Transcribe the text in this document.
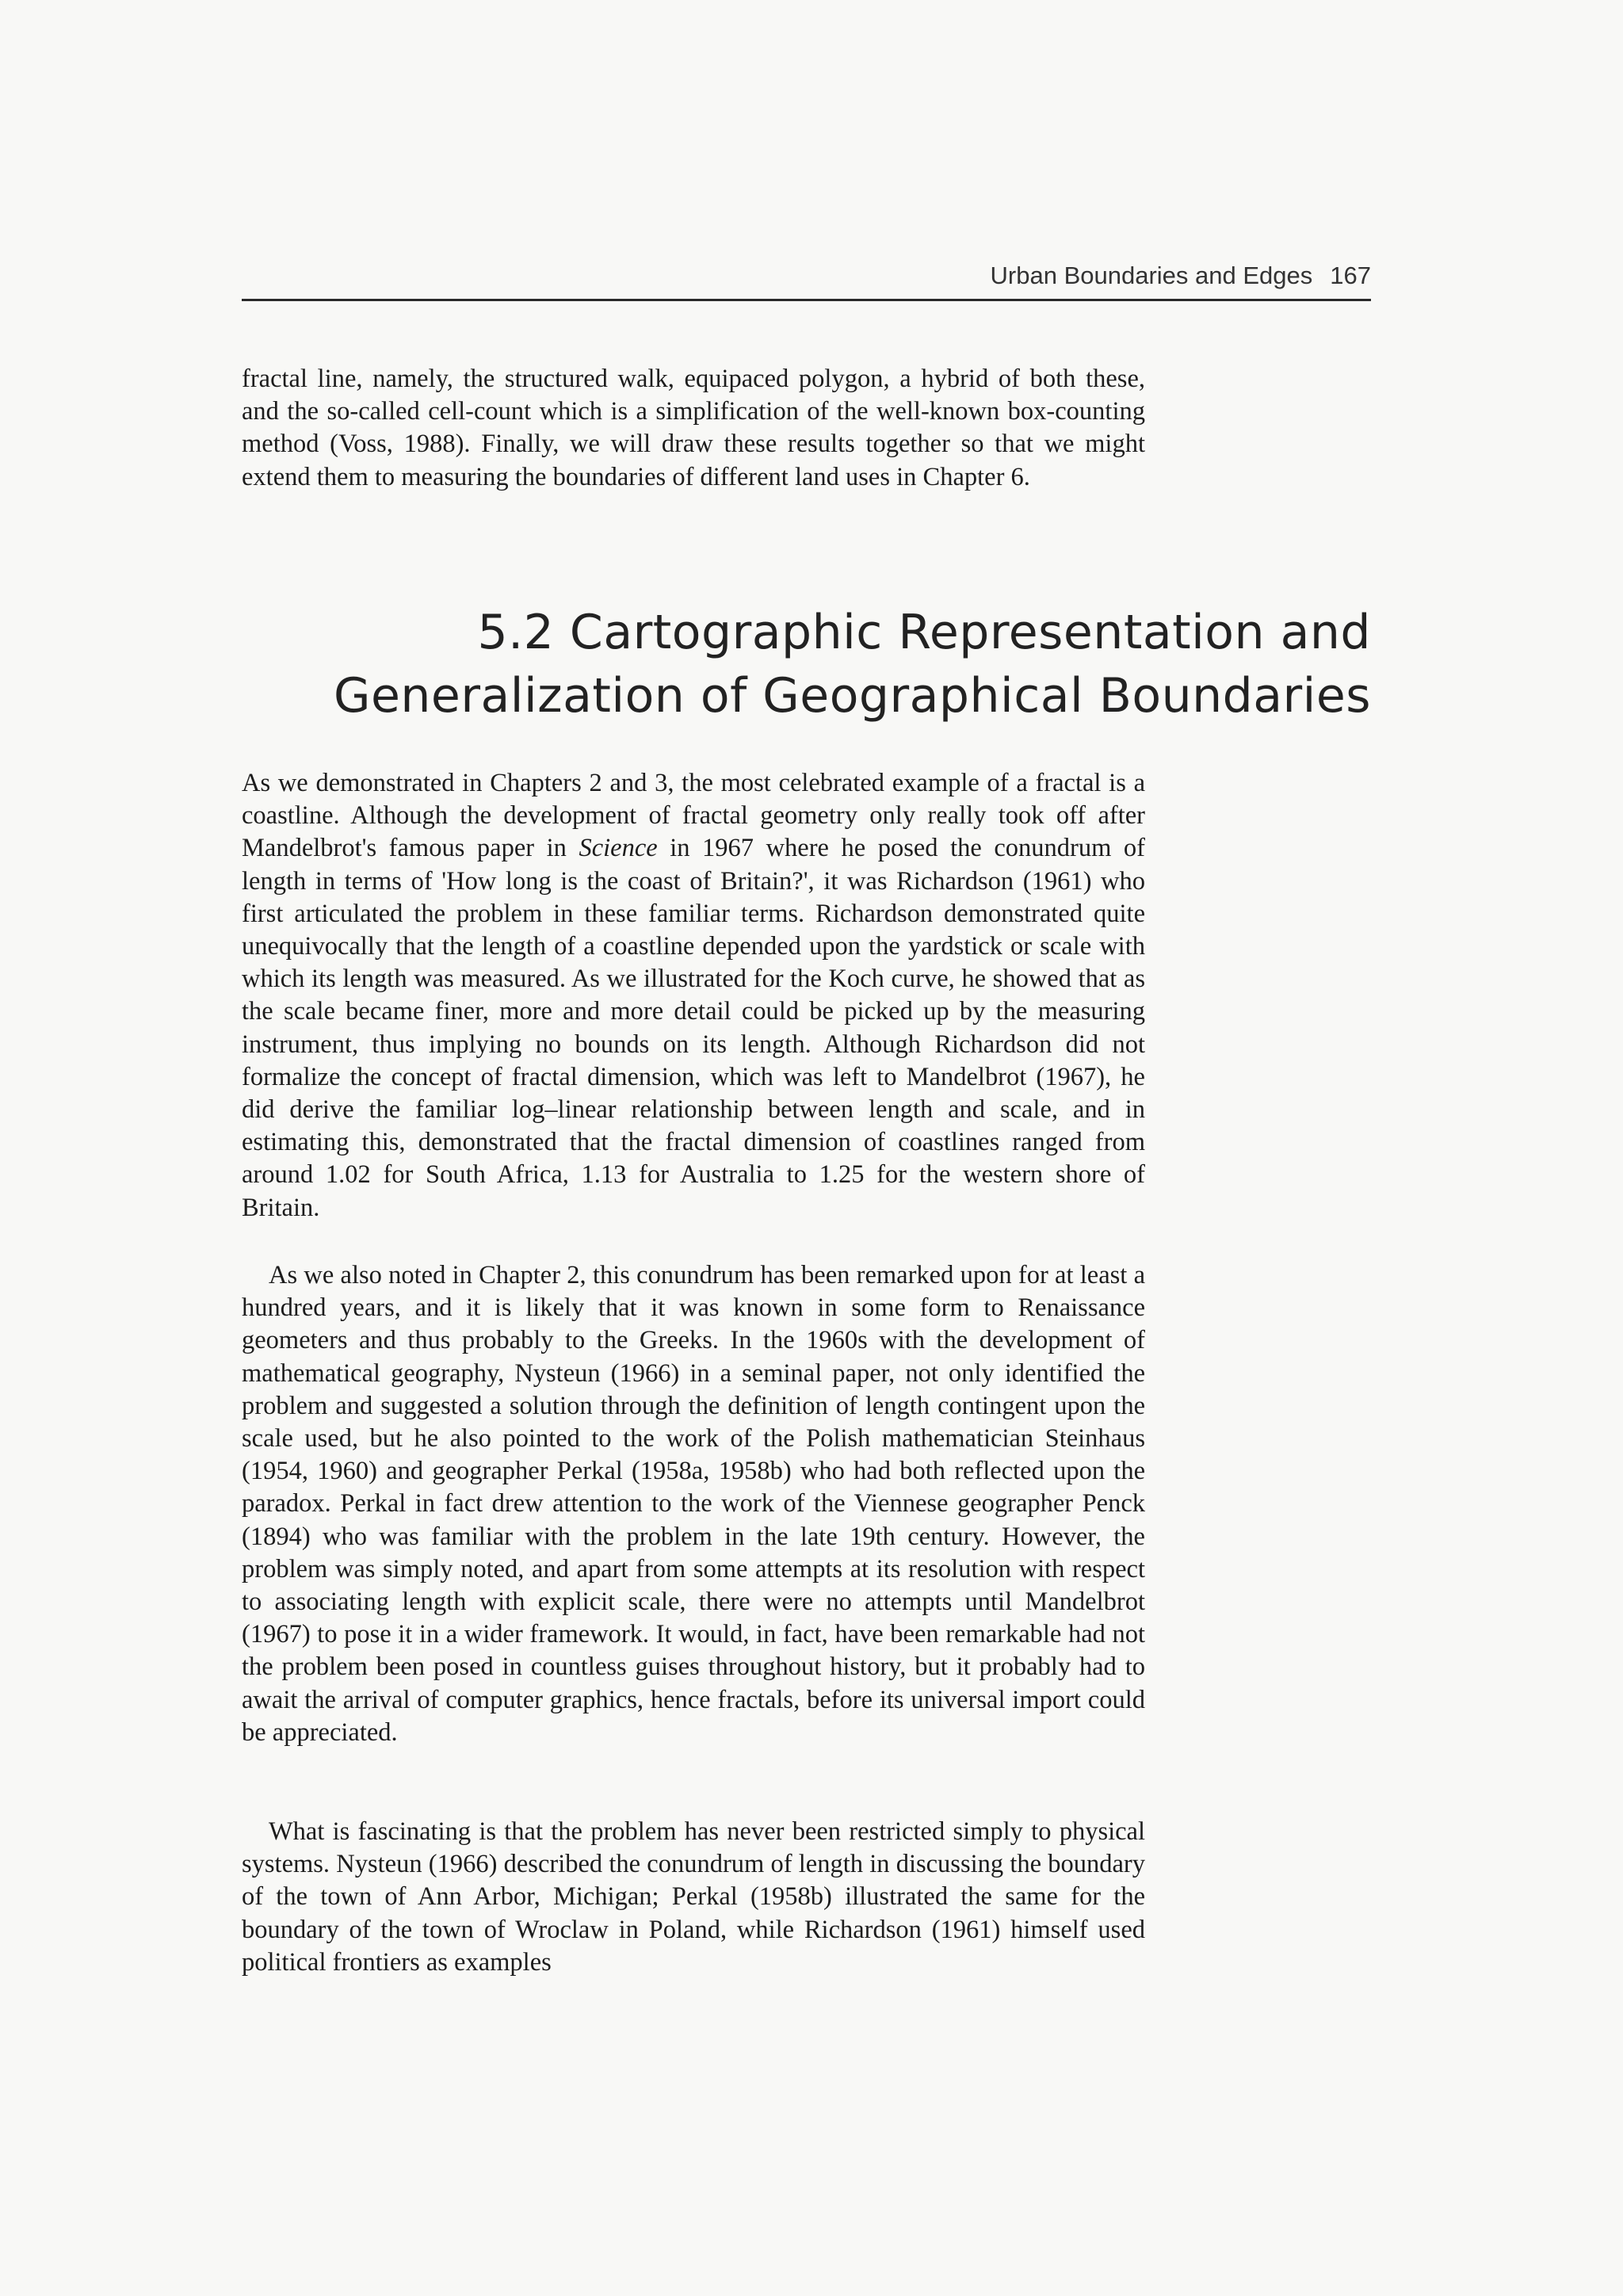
Urban Boundaries and Edges 167

fractal line, namely, the structured walk, equipaced polygon, a hybrid of both these, and the so-called cell-count which is a simplification of the well-known box-counting method (Voss, 1988). Finally, we will draw these results together so that we might extend them to measuring the boundaries of different land uses in Chapter 6.

5.2 Cartographic Representation and
Generalization of Geographical Boundaries

As we demonstrated in Chapters 2 and 3, the most celebrated example of a fractal is a coastline. Although the development of fractal geometry only really took off after Mandelbrot's famous paper in Science in 1967 where he posed the conundrum of length in terms of 'How long is the coast of Britain?', it was Richardson (1961) who first articulated the problem in these familiar terms. Richardson demonstrated quite unequivocally that the length of a coastline depended upon the yardstick or scale with which its length was measured. As we illustrated for the Koch curve, he showed that as the scale became finer, more and more detail could be picked up by the measuring instrument, thus implying no bounds on its length. Although Richardson did not formalize the concept of fractal dimension, which was left to Mandelbrot (1967), he did derive the familiar log–linear relationship between length and scale, and in estimating this, demonstrated that the fractal dimension of coastlines ranged from around 1.02 for South Africa, 1.13 for Australia to 1.25 for the western shore of Britain.

As we also noted in Chapter 2, this conundrum has been remarked upon for at least a hundred years, and it is likely that it was known in some form to Renaissance geometers and thus probably to the Greeks. In the 1960s with the development of mathematical geography, Nysteun (1966) in a seminal paper, not only identified the problem and suggested a solution through the definition of length contingent upon the scale used, but he also pointed to the work of the Polish mathematician Steinhaus (1954, 1960) and geographer Perkal (1958a, 1958b) who had both reflected upon the paradox. Perkal in fact drew attention to the work of the Viennese geographer Penck (1894) who was familiar with the problem in the late 19th century. However, the problem was simply noted, and apart from some attempts at its resolution with respect to associating length with explicit scale, there were no attempts until Mandelbrot (1967) to pose it in a wider framework. It would, in fact, have been remarkable had not the problem been posed in countless guises throughout history, but it probably had to await the arrival of computer graphics, hence fractals, before its universal import could be appreciated.

What is fascinating is that the problem has never been restricted simply to physical systems. Nysteun (1966) described the conundrum of length in discussing the boundary of the town of Ann Arbor, Michigan; Perkal (1958b) illustrated the same for the boundary of the town of Wroclaw in Poland, while Richardson (1961) himself used political frontiers as examples
